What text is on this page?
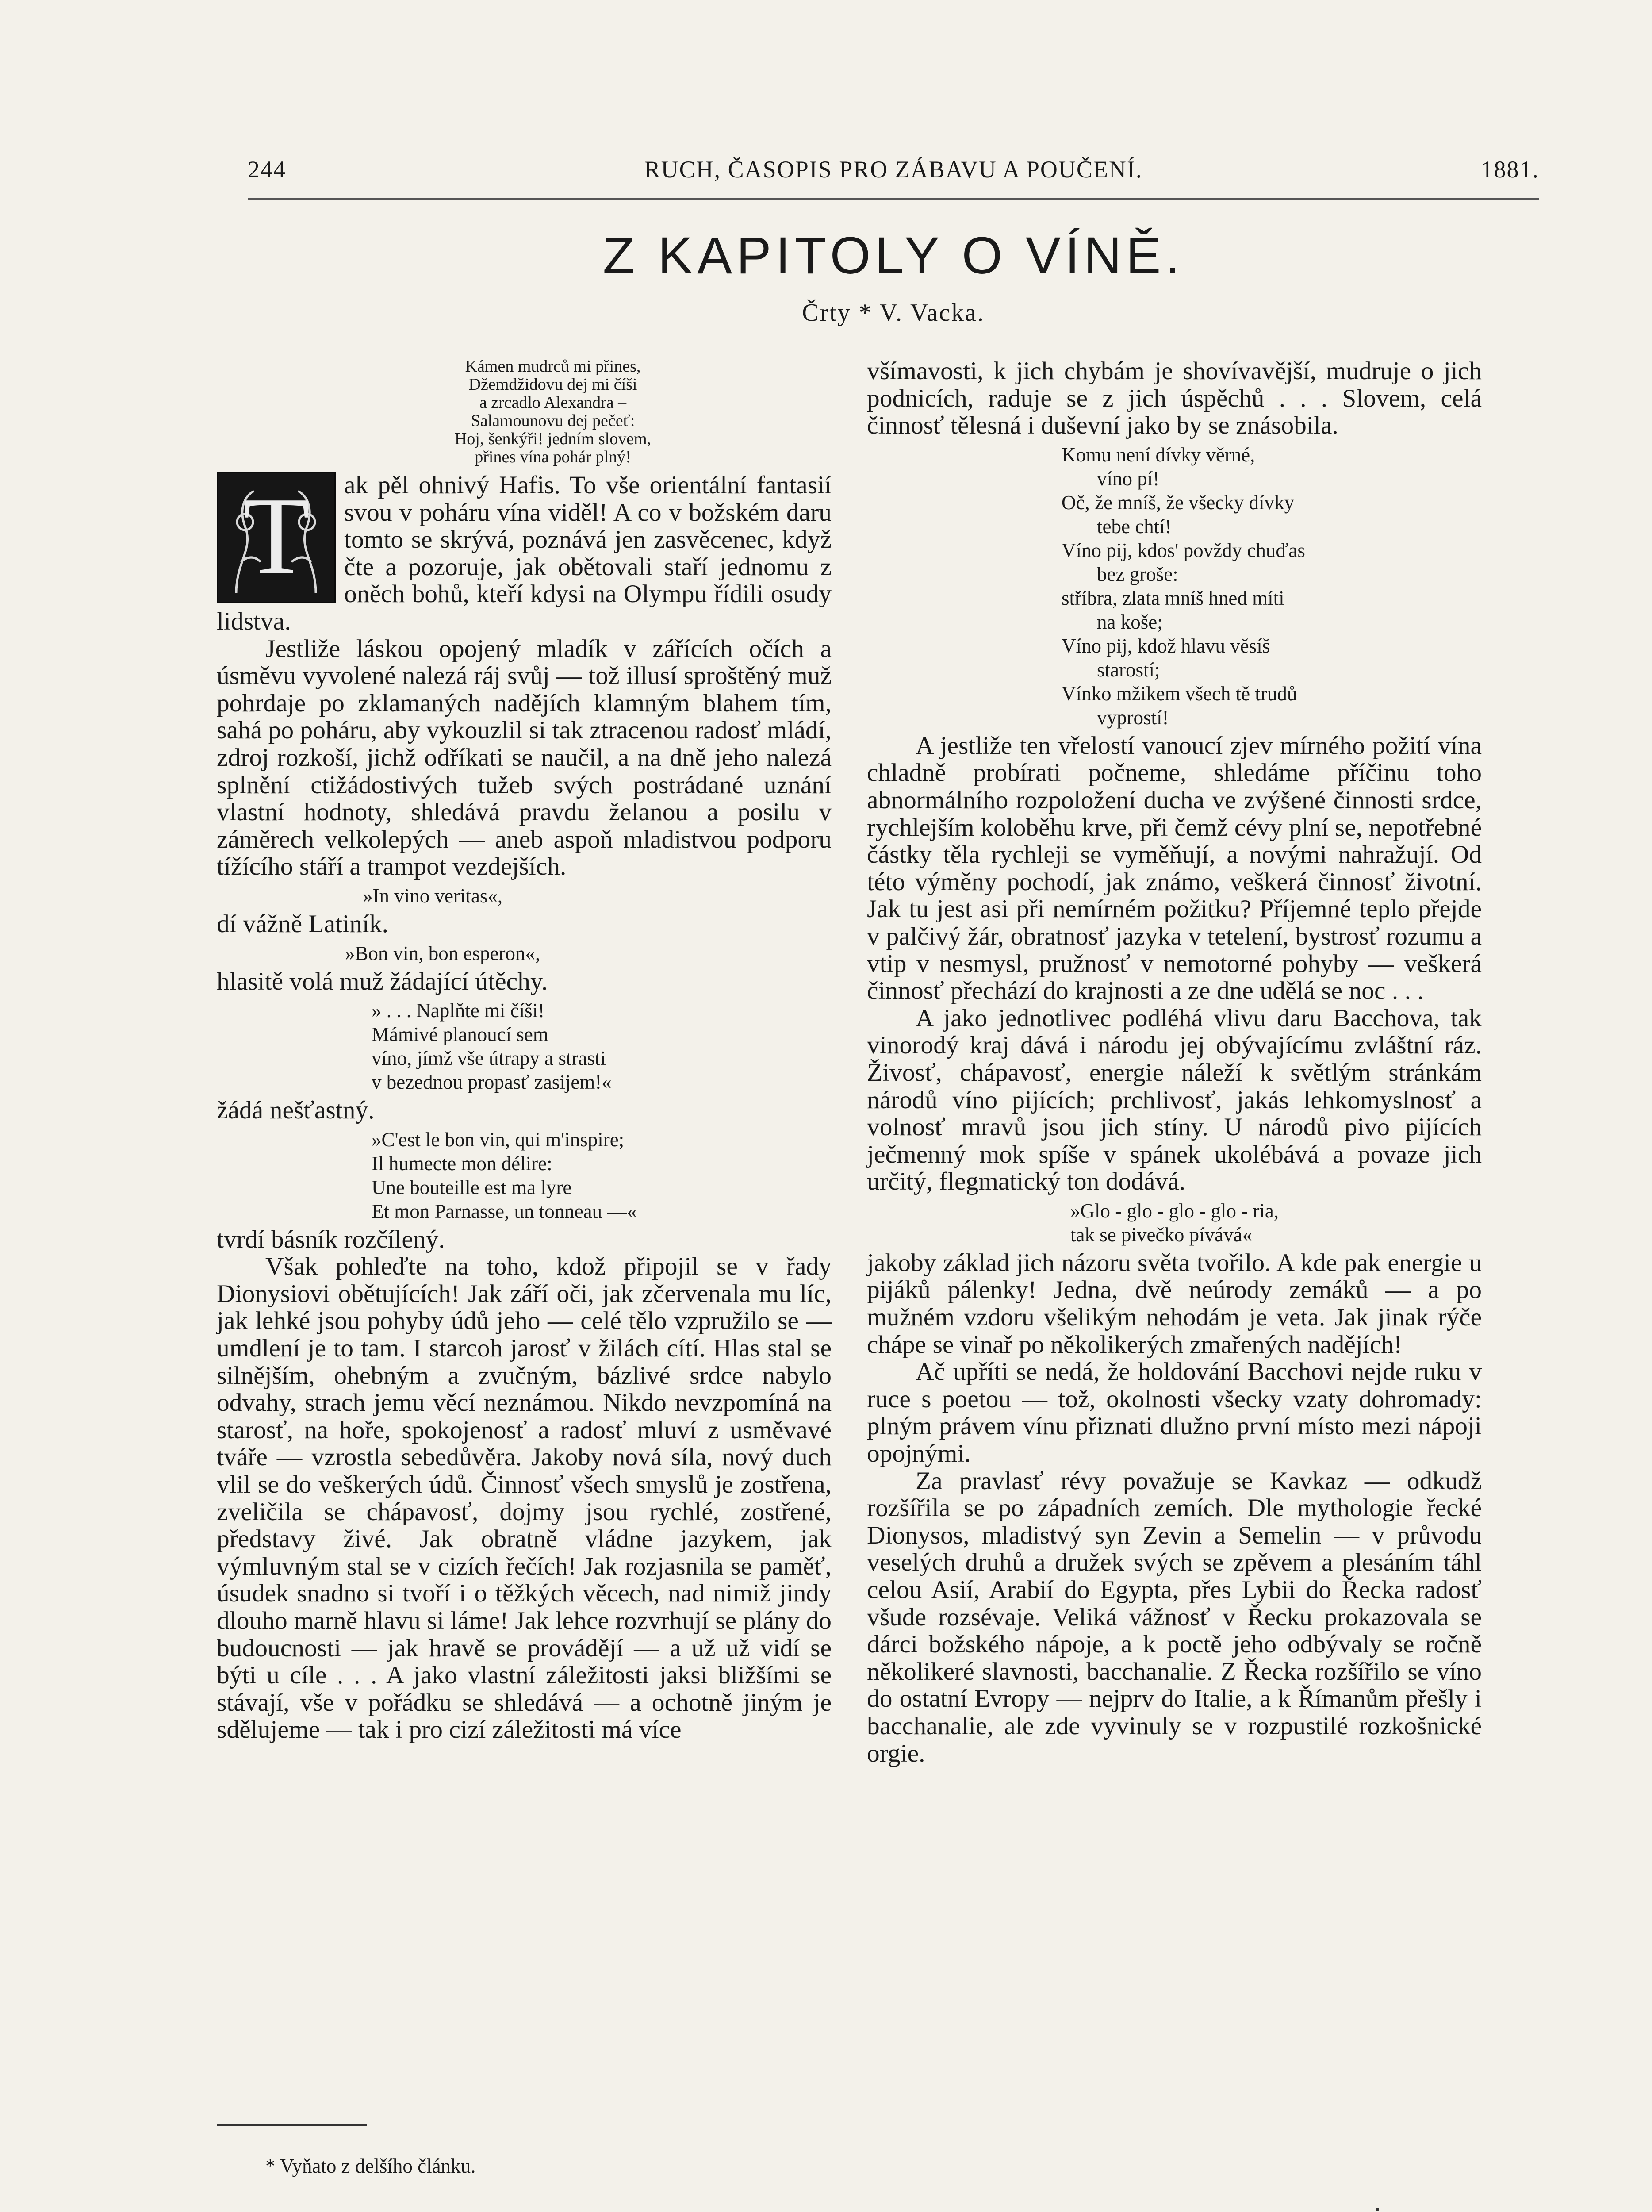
244	RUCH, ČASOPIS PRO ZÁBAVU A POUČENÍ.	1881.
Z KAPITOLY O VÍNĚ.
Črty * V. Vacka.
Kámen mudrců mi přines,
Džemdžidovu dej mi číši
a zrcadlo Alexandra –
Salamounovu dej pečeť:
Hoj, šenkýři! jedním slovem,
přines vína pohár plný!

T	ak pěl ohnivý Hafis. To vše orientální fantasií svou v poháru vína viděl! A co v božském daru tomto se skrývá, poznává jen zasvěcenec, když čte a pozoruje, jak obětovali staří jednomu z oněch bohů, kteří kdysi na Olympu řídili osudy lidstva.

Jestliže láskou opojený mladík v zářících očích a úsměvu vyvolené nalezá ráj svůj — tož illusí sproštěný muž pohrdaje po zklamaných nadějích klamným blahem tím, sahá po poháru, aby vykouzlil si tak ztracenou radosť mládí, zdroj rozkoší, jichž odříkati se naučil, a na dně jeho nalezá splnění ctižádostivých tužeb svých postrádané uznání vlastní hodnoty, shledává pravdu želanou a posilu v záměrech velkolepých — aneb aspoň mladistvou podporu tížícího stáří a trampot vezdejších.

»In vino veritas«,

dí vážně Latiník.

»Bon vin, bon esperon«,

hlasitě volá muž žádající útěchy.

» . . . Naplňte mi číši!
Mámivé planoucí sem
víno, jímž vše útrapy a strasti
v bezednou propasť zasijem!«

žádá nešťastný.

»C'est le bon vin, qui m'inspire;
Il humecte mon délire:
Une bouteille est ma lyre
Et mon Parnasse, un tonneau —«

tvrdí básník rozčílený.

Však pohleďte na toho, kdož připojil se v řady Dionysiovi obětujících! Jak září oči, jak zčervenala mu líc, jak lehké jsou pohyby údů jeho — celé tělo vzpružilo se — umdlení je to tam. I starcoh jarosť v žilách cítí. Hlas stal se silnějším, ohebným a zvučným, bázlivé srdce nabylo odvahy, strach jemu věcí neznámou. Nikdo nevzpomíná na starosť, na hoře, spokojenosť a radosť mluví z usměvavé tváře — vzrostla sebedůvěra. Jakoby nová síla, nový duch vlil se do veškerých údů. Činnosť všech smyslů je zostřena, zveličila se chápavosť, dojmy jsou rychlé, zostřené, představy živé. Jak obratně vládne jazykem, jak výmluvným stal se v cizích řečích! Jak rozjasnila se paměť, úsudek snadno si tvoří i o těžkých věcech, nad nimiž jindy dlouho marně hlavu si láme! Jak lehce rozvrhují se plány do budoucnosti — jak hravě se provádějí — a už už vidí se býti u cíle . . . A jako vlastní záležitosti jaksi bližšími se stávají, vše v pořádku se shledává — a ochotně jiným je sdělujeme — tak i pro cizí záležitosti má více

* Vyňato z delšího článku.

všímavosti, k jich chybám je shovívavější, mudruje o jich podnicích, raduje se z jich úspěchů . . . Slovem, celá činnosť tělesná i duševní jako by se znásobila.

Komu není dívky věrné,
víno pí!
Oč, že mníš, že všecky dívky
tebe chtí!
Víno pij, kdos' povždy chuďas
bez groše:
stříbra, zlata mníš hned míti
na koše;
Víno pij, kdož hlavu věsíš
starostí;
Vínko mžikem všech tě trudů
vyprostí!

A jestliže ten vřelostí vanoucí zjev mírného požití vína chladně probírati počneme, shledáme příčinu toho abnormálního rozpoložení ducha ve zvýšené činnosti srdce, rychlejším koloběhu krve, při čemž cévy plní se, nepotřebné částky těla rychleji se vyměňují, a novými nahražují. Od této výměny pochodí, jak známo, veškerá činnosť životní. Jak tu jest asi při nemírném požitku? Příjemné teplo přejde v palčivý žár, obratnosť jazyka v tetelení, bystrosť rozumu a vtip v nesmysl, pružnosť v nemotorné pohyby — veškerá činnosť přechází do krajnosti a ze dne udělá se noc . . .

A jako jednotlivec podléhá vlivu daru Bacchova, tak vinorodý kraj dává i národu jej obývajícímu zvláštní ráz. Živosť, chápavosť, energie náleží k světlým stránkám národů víno pijících; prchlivosť, jakás lehkomyslnosť a volnosť mravů jsou jich stíny. U národů pivo pijících ječmenný mok spíše v spánek ukolébává a povaze jich určitý, flegmatický ton dodává.

»Glo - glo - glo - glo - ria,
tak se pivečko pívává«

jakoby základ jich názoru světa tvořilo. A kde pak energie u pijáků pálenky! Jedna, dvě neúrody zemáků — a po mužném vzdoru všelikým nehodám je veta. Jak jinak rýče chápe se vinař po několikerých zmařených nadějích!

Ač upříti se nedá, že holdování Bacchovi nejde ruku v ruce s poetou — tož, okolnosti všecky vzaty dohromady: plným právem vínu přiznati dlužno první místo mezi nápoji opojnými.

Za pravlasť révy považuje se Kavkaz — odkudž rozšířila se po západních zemích. Dle mythologie řecké Dionysos, mladistvý syn Zevin a Semelin — v průvodu veselých druhů a družek svých se zpěvem a plesáním táhl celou Asií, Arabií do Egypta, přes Lybii do Řecka radosť všude rozsévaje. Veliká vážnosť v Řecku prokazovala se dárci božského nápoje, a k poctě jeho odbývaly se ročně několikeré slavnosti, bacchanalie. Z Řecka rozšířilo se víno do ostatní Evropy — nejprv do Italie, a k Římanům přešly i bacchanalie, ale zde vyvinuly se v rozpustilé rozkošnické orgie.
